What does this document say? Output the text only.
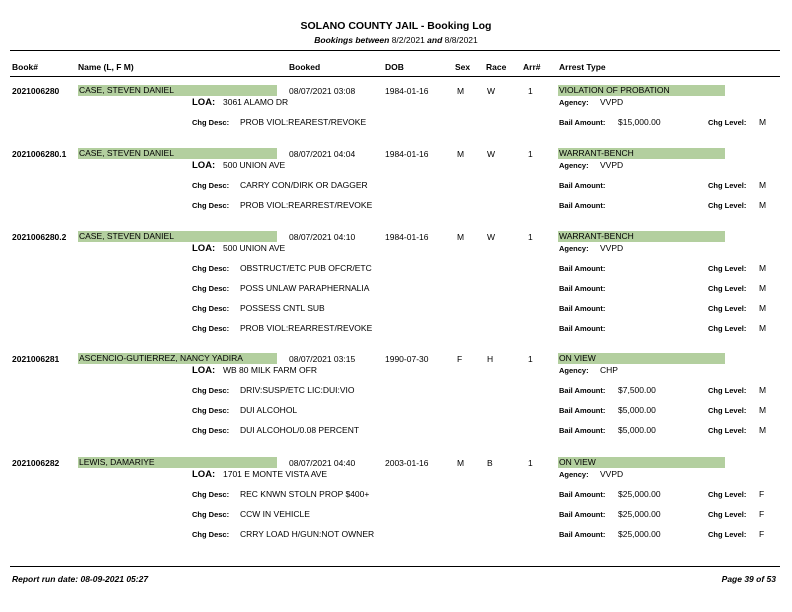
SOLANO COUNTY JAIL - Booking Log
Bookings between 8/2/2021 and 8/8/2021
Book#	Name (L, F M)	Booked	DOB	Sex Race Arr# Arrest Type
2021006280 CASE, STEVEN DANIEL	08/07/2021 03:08	1984-01-16	M	W	1	VIOLATION OF PROBATION
LOA: 3061 ALAMO DR	Agency: VVPD
Chg Desc: PROB VIOL:REAREST/REVOKE	Bail Amount: $15,000.00	Chg Level: M
2021006280.1 CASE, STEVEN DANIEL	08/07/2021 04:04	1984-01-16	M	W	1	WARRANT-BENCH
LOA: 500 UNION AVE	Agency: VVPD
Chg Desc: CARRY CON/DIRK OR DAGGER	Bail Amount:	Chg Level: M
Chg Desc: PROB VIOL:REARREST/REVOKE	Bail Amount:	Chg Level: M
2021006280.2 CASE, STEVEN DANIEL	08/07/2021 04:10	1984-01-16	M	W	1	WARRANT-BENCH
LOA: 500 UNION AVE	Agency: VVPD
Chg Desc: OBSTRUCT/ETC PUB OFCR/ETC	Bail Amount:	Chg Level: M
Chg Desc: POSS UNLAW PARAPHERNALIA	Bail Amount:	Chg Level: M
Chg Desc: POSSESS CNTL SUB	Bail Amount:	Chg Level: M
Chg Desc: PROB VIOL:REARREST/REVOKE	Bail Amount:	Chg Level: M
2021006281 ASCENCIO-GUTIERREZ, NANCY YADIRA	08/07/2021 03:15	1990-07-30	F	H	1	ON VIEW
LOA: WB 80 MILK FARM OFR	Agency: CHP
Chg Desc: DRIV:SUSP/ETC LIC:DUI:VIO	Bail Amount: $7,500.00	Chg Level: M
Chg Desc: DUI ALCOHOL	Bail Amount: $5,000.00	Chg Level: M
Chg Desc: DUI ALCOHOL/0.08 PERCENT	Bail Amount: $5,000.00	Chg Level: M
2021006282 LEWIS, DAMARIYE	08/07/2021 04:40	2003-01-16	M	B	1	ON VIEW
LOA: 1701 E MONTE VISTA AVE	Agency: VVPD
Chg Desc: REC KNWN STOLN PROP $400+	Bail Amount: $25,000.00	Chg Level: F
Chg Desc: CCW IN VEHICLE	Bail Amount: $25,000.00	Chg Level: F
Chg Desc: CRRY LOAD H/GUN:NOT OWNER	Bail Amount: $25,000.00	Chg Level: F
Report run date: 08-09-2021 05:27	Page 39 of 53
